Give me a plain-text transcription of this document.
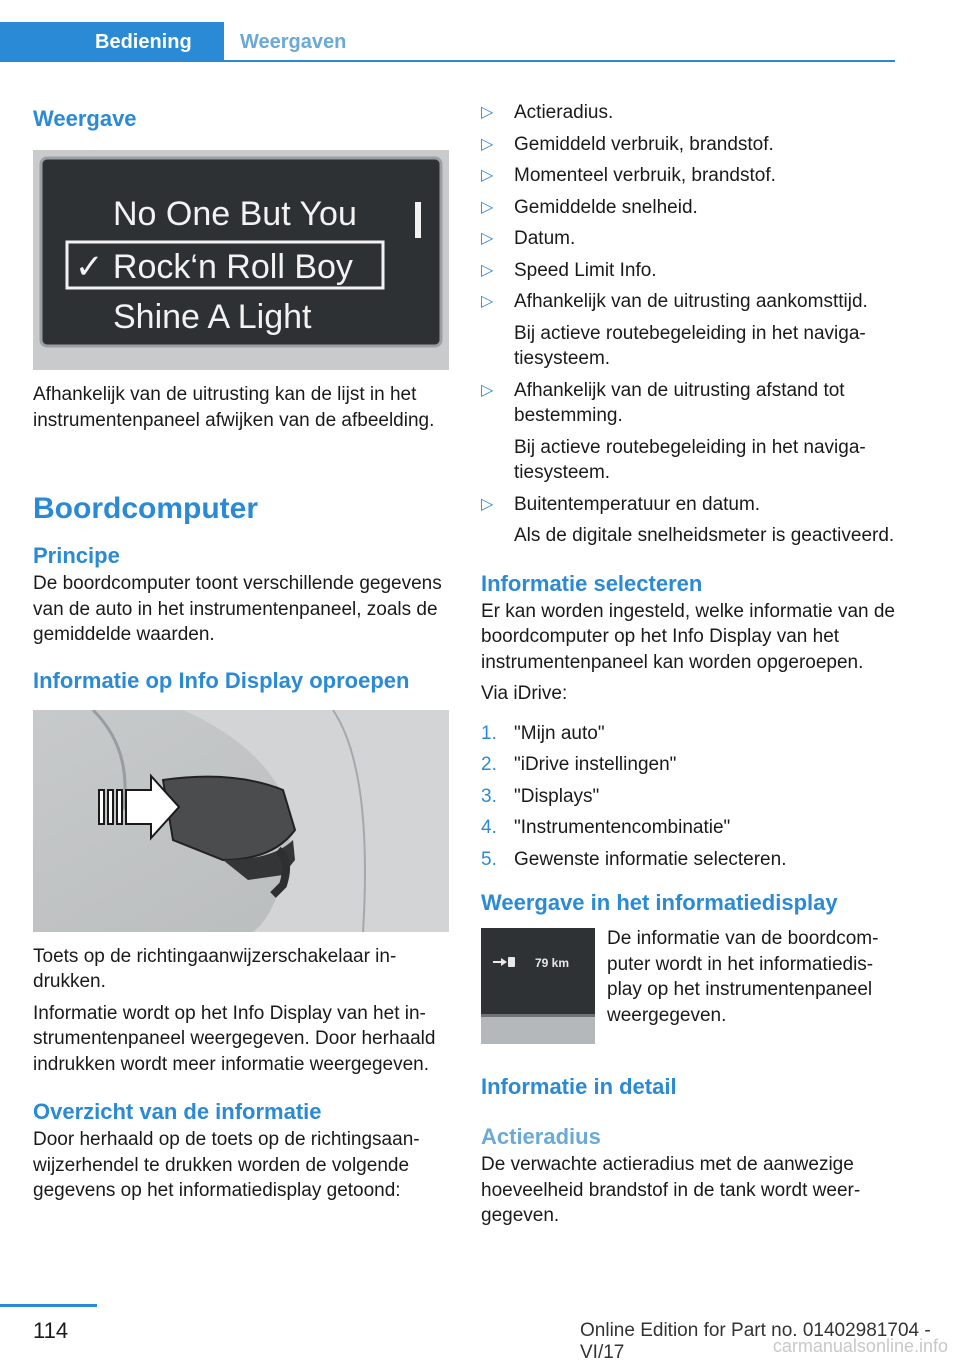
Bediening	Weergaven
Weergave
No One But You
✓ Rock‘n Roll Boy
Shine A Light

Afhankelijk van de uitrusting kan de lijst in het instrumentenpaneel afwijken van de afbeelding.

Boordcomputer
Principe

De boordcomputer toont verschillende gegevens van de auto in het instrumentenpaneel, zoals de gemiddelde waarden.

Informatie op Info Display oproepen

Toets op de richtingaanwijzerschakelaar indrukken.

Informatie wordt op het Info Display van het instrumentenpaneel weergegeven. Door herhaald indrukken wordt meer informatie weergegeven.

Overzicht van de informatie

Door herhaald op de toets op de richtingsaanwijzerhendel te drukken worden de volgende gegevens op het informatiedisplay getoond:

▷ Actieradius.
▷ Gemiddeld verbruik, brandstof.
▷ Momenteel verbruik, brandstof.
▷ Gemiddelde snelheid.
▷ Datum.
▷ Speed Limit Info.
▷ Afhankelijk van de uitrusting aankomsttijd.
Bij actieve routebegeleiding in het navigatiesysteem.
▷ Afhankelijk van de uitrusting afstand tot bestemming.
Bij actieve routebegeleiding in het navigatiesysteem.
▷ Buitentemperatuur en datum.
Als de digitale snelheidsmeter is geactiveerd.
Informatie selecteren

Er kan worden ingesteld, welke informatie van de boordcomputer op het Info Display van het instrumentenpaneel kan worden opgeroepen.

Via iDrive:

1. "Mijn auto"
2. "iDrive instellingen"
3. "Displays"
4. "Instrumentencombinatie"
5. Gewenste informatie selecteren.
Weergave in het informatiedisplay
79 km

De informatie van de boordcomputer wordt in het informatiedisplay op het instrumentenpaneel weergegeven.

Informatie in detail
Actieradius

De verwachte actieradius met de aanwezige hoeveelheid brandstof in de tank wordt weergegeven.

114	Online Edition for Part no. 01402981704 - VI/17	carmanualsonline.info
